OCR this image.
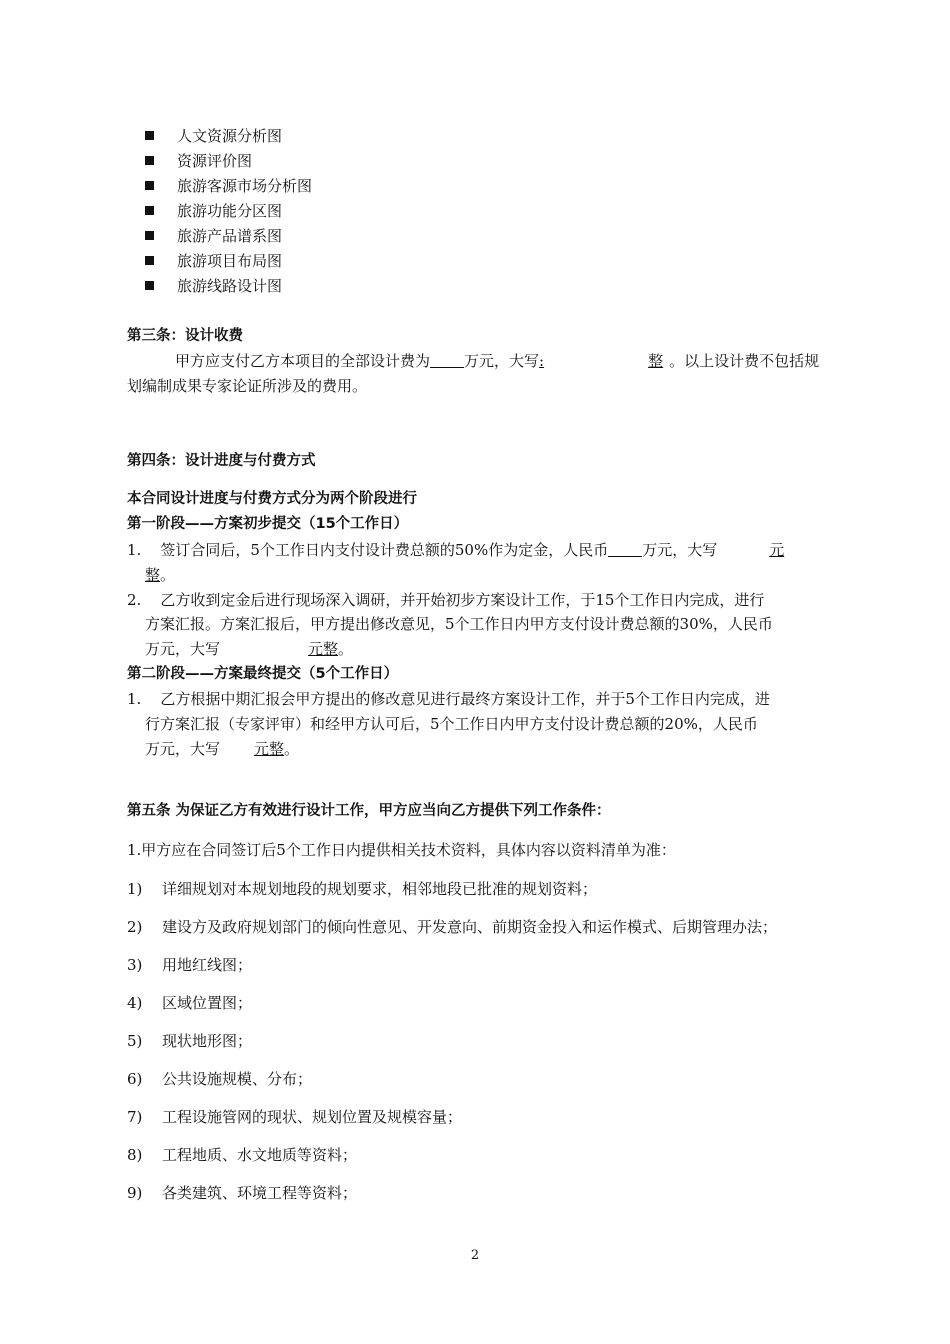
人文资源分析图
资源评价图
旅游客源市场分析图
旅游功能分区图
旅游产品谱系图
旅游项目布局图
旅游线路设计图
第三条：设计收费
甲方应支付乙方本项目的全部设计费为 万元，大写:	整 。以上设计费不包括规
划编制成果专家论证所涉及的费用。
第四条：设计进度与付费方式
本合同设计进度与付费方式分为两个阶段进行
第一阶段——方案初步提交（15个工作日）
1. 签订合同后，5个工作日内支付设计费总额的50%作为定金，人民币 万元，大写	元
整。
2. 乙方收到定金后进行现场深入调研，并开始初步方案设计工作，于15个工作日内完成，进行
方案汇报。方案汇报后，甲方提出修改意见，5个工作日内甲方支付设计费总额的30%，人民币
万元，大写	元整。
第二阶段——方案最终提交（5个工作日）
1. 乙方根据中期汇报会甲方提出的修改意见进行最终方案设计工作，并于5个工作日内完成，进
行方案汇报（专家评审）和经甲方认可后，5个工作日内甲方支付设计费总额的20%，人民币
万元，大写 元整。
第五条 为保证乙方有效进行设计工作，甲方应当向乙方提供下列工作条件：
1.甲方应在合同签订后5个工作日内提供相关技术资料，具体内容以资料清单为准：
1) 详细规划对本规划地段的规划要求，相邻地段已批准的规划资料；
2) 建设方及政府规划部门的倾向性意见、开发意向、前期资金投入和运作模式、后期管理办法；
3) 用地红线图；
4) 区域位置图；
5) 现状地形图；
6) 公共设施规模、分布；
7) 工程设施管网的现状、规划位置及规模容量；
8) 工程地质、水文地质等资料；
9) 各类建筑、环境工程等资料；
2
